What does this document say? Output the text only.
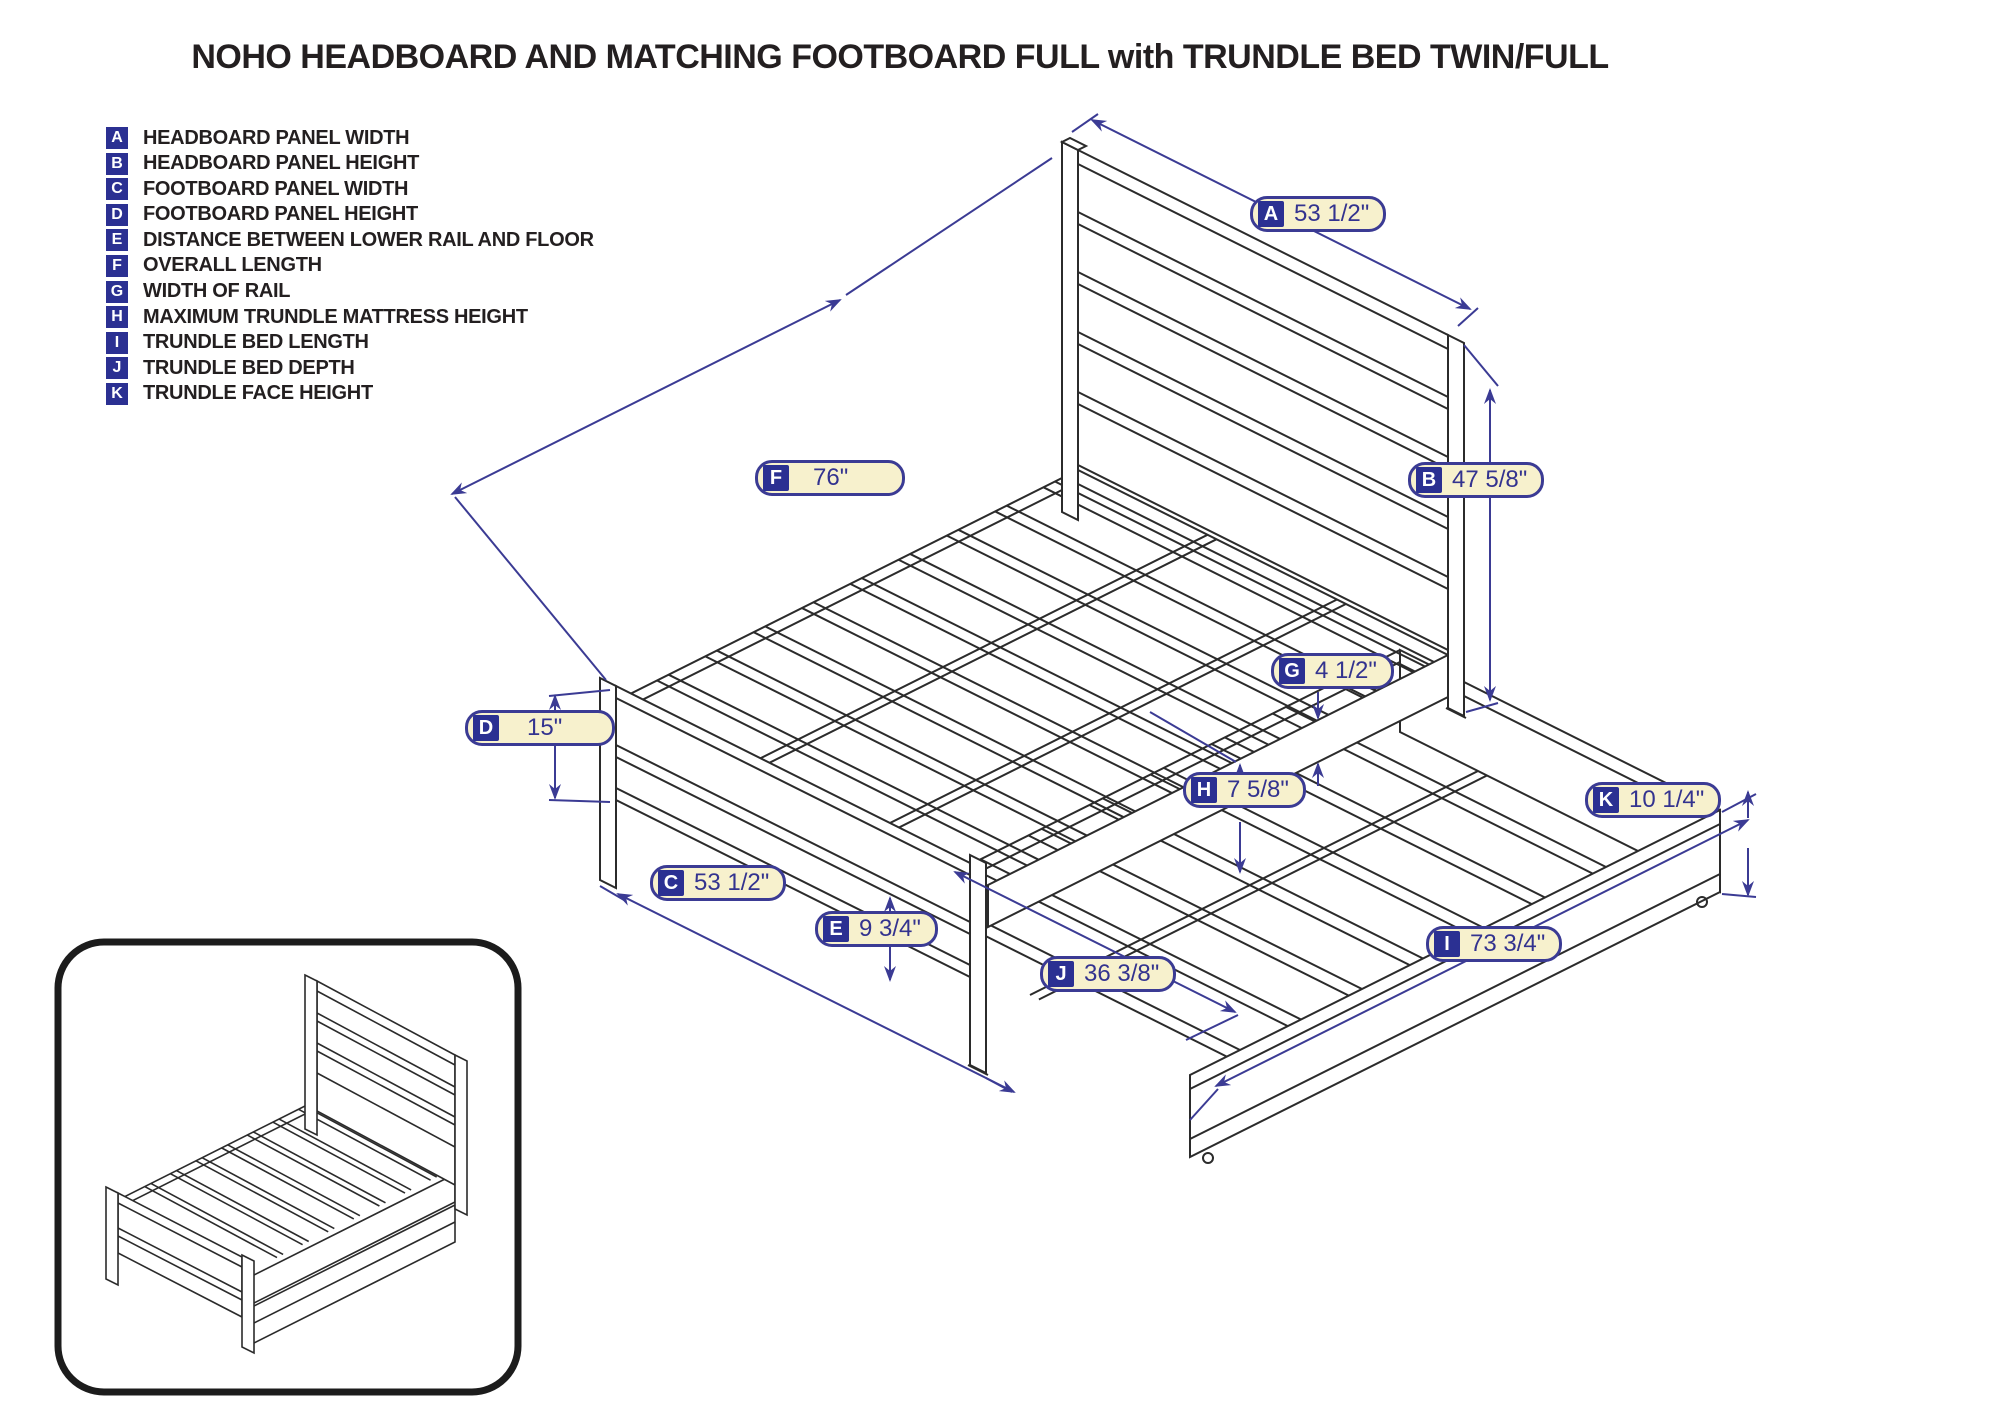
NOHO HEADBOARD AND MATCHING FOOTBOARD FULL with TRUNDLE BED TWIN/FULL
A HEADBOARD PANEL WIDTH
B HEADBOARD PANEL HEIGHT
C FOOTBOARD PANEL WIDTH
D FOOTBOARD PANEL HEIGHT
E DISTANCE BETWEEN LOWER RAIL AND FLOOR
F	OVERALL LENGTH
G WIDTH OF RAIL
H MAXIMUM TRUNDLE MATTRESS HEIGHT
I	TRUNDLE BED LENGTH
J	TRUNDLE BED DEPTH
K TRUNDLE FACE HEIGHT
A 53 1/2"
B 47 5/8"
F 76"
G 4 1/2"
D 15"
H 7 5/8"	K 10 1/4"
C 53 1/2"
E 9 3/4"
J 36 3/8"
I 73 3/4"
